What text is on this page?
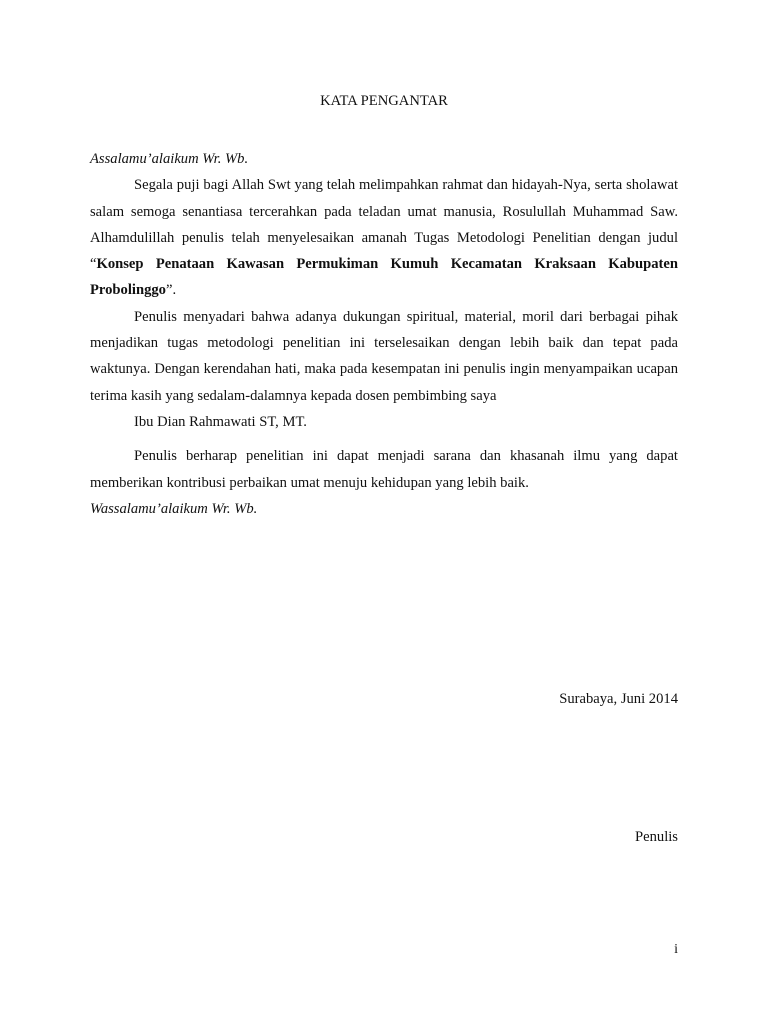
KATA PENGANTAR

Assalamu’alaikum Wr. Wb.

Segala puji bagi Allah Swt yang telah melimpahkan rahmat dan hidayah-Nya, serta sholawat salam semoga senantiasa tercerahkan pada teladan umat manusia, Rosulullah Muhammad Saw. Alhamdulillah penulis telah menyelesaikan amanah Tugas Metodologi Penelitian dengan judul “Konsep Penataan Kawasan Permukiman Kumuh Kecamatan Kraksaan Kabupaten Probolinggo”.

Penulis menyadari bahwa adanya dukungan spiritual, material, moril dari berbagai pihak menjadikan tugas metodologi penelitian ini terselesaikan dengan lebih baik dan tepat pada waktunya. Dengan kerendahan hati, maka pada kesempatan ini penulis ingin menyampaikan ucapan terima kasih yang sedalam-dalamnya kepada dosen pembimbing saya

Ibu Dian Rahmawati ST, MT.

Penulis berharap penelitian ini dapat menjadi sarana dan khasanah ilmu yang dapat memberikan kontribusi perbaikan umat menuju kehidupan yang lebih baik.

Wassalamu’alaikum Wr. Wb.

Surabaya, Juni 2014
Penulis
i
